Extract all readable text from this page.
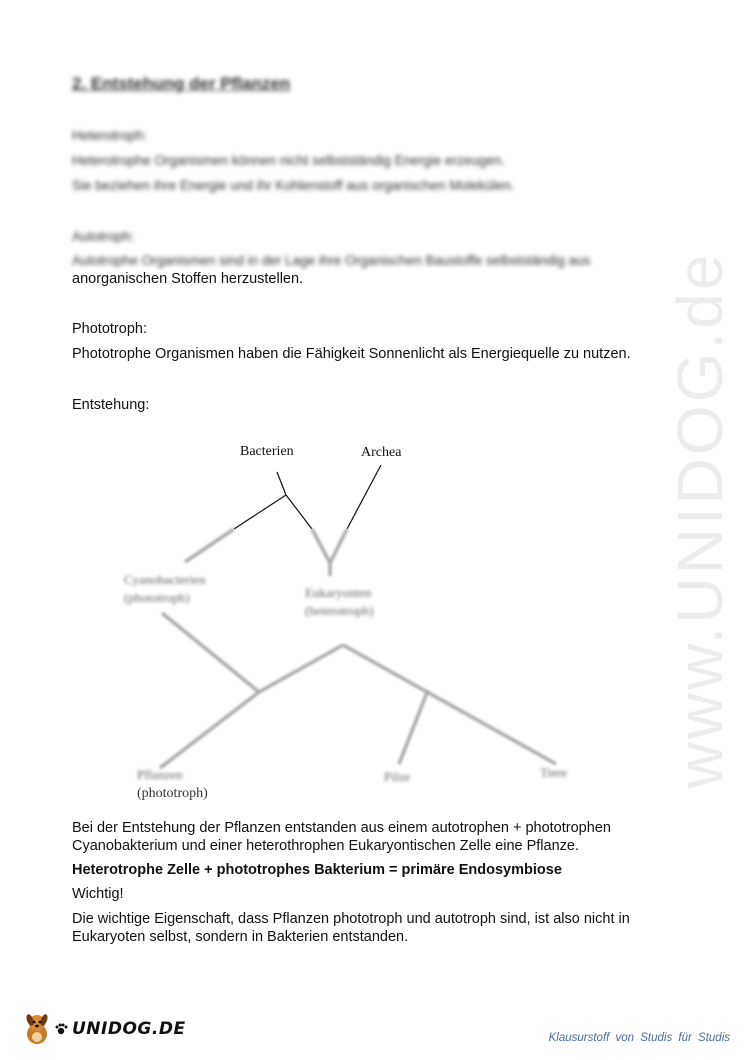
www.UNIDOG.de
2. Entstehung der Pflanzen
Heterotroph:
Heterotrophe Organismen können nicht selbstständig Energie erzeugen.
Sie beziehen ihre Energie und ihr Kohlenstoff aus organischen Molekülen.
Autotroph:
Autotrophe Organismen sind in der Lage ihre Organischen Baustoffe selbstständig aus
anorganischen Stoffen herzustellen.
Phototroph:
Phototrophe Organismen haben die Fähigkeit Sonnenlicht als Energiequelle zu nutzen.
Entstehung:
Bacterien	Archea
Cyanobacterien
(phototroph)	Eukaryonten
(heterotroph)
Pflanzen	Pilze	Tiere
(phototroph)
Bei der Entstehung der Pflanzen entstanden aus einem autotrophen + phototrophen
Cyanobakterium und einer heterothrophen Eukaryontischen Zelle eine Pflanze.
Heterotrophe Zelle + phototrophes Bakterium = primäre Endosymbiose
Wichtig!
Die wichtige Eigenschaft, dass Pflanzen phototroph und autotroph sind, ist also nicht in
Eukaryoten selbst, sondern in Bakterien entstanden.
UNIDOG.DE	Klausurstoff von Studis für Studis
